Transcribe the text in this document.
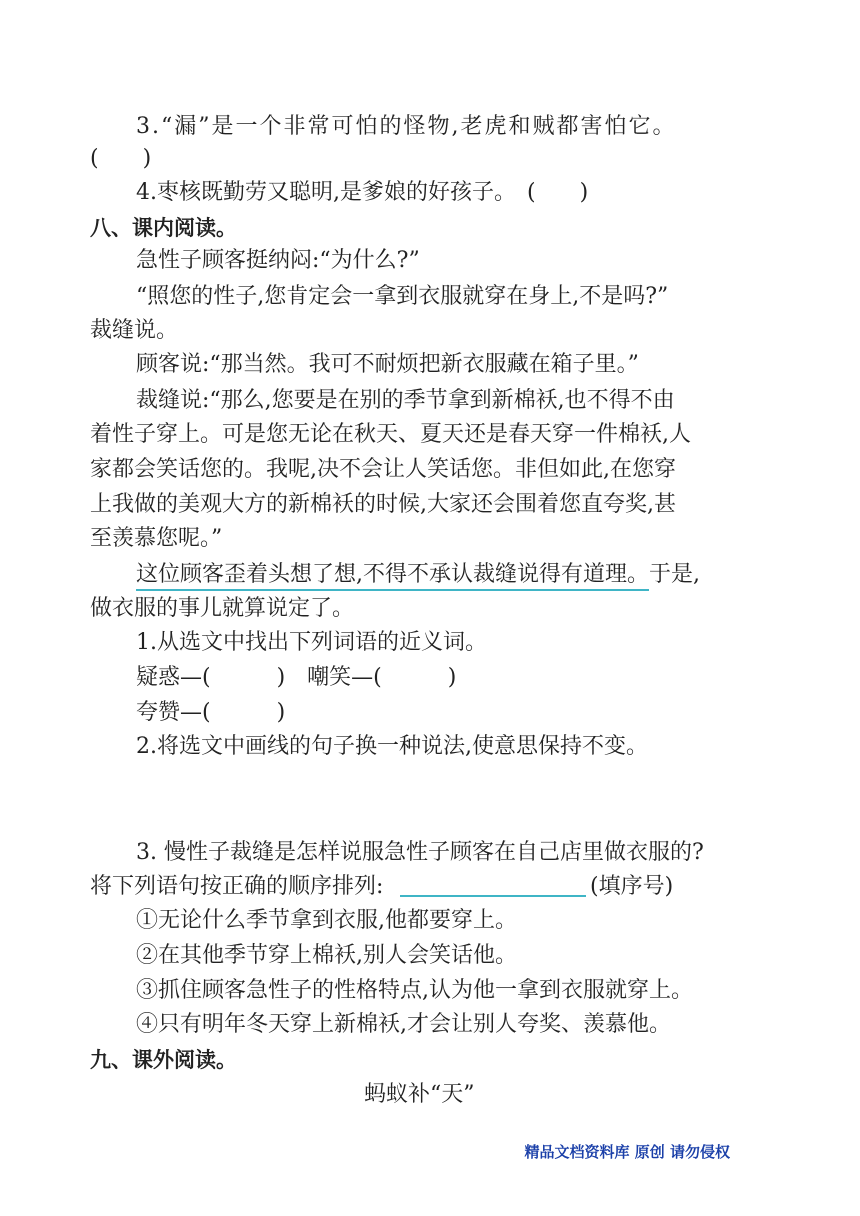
3.“漏”是一个非常可怕的怪物,老虎和贼都害怕它。
(　　)
4.枣核既勤劳又聪明,是爹娘的好孩子。　(　　)
八、课内阅读。
急性子顾客挺纳闷:“为什么?”
“照您的性子,您肯定会一拿到衣服就穿在身上,不是吗?”
裁缝说。
顾客说:“那当然。我可不耐烦把新衣服藏在箱子里。”
裁缝说:“那么,您要是在别的季节拿到新棉袄,也不得不由
着性子穿上。可是您无论在秋天、夏天还是春天穿一件棉袄,人
家都会笑话您的。我呢,决不会让人笑话您。非但如此,在您穿
上我做的美观大方的新棉袄的时候,大家还会围着您直夸奖,甚
至羡慕您呢。”
这位顾客歪着头想了想,不得不承认裁缝说得有道理。于是,
做衣服的事儿就算说定了。
1.从选文中找出下列词语的近义词。
疑惑—(　　　)　嘲笑—(　　　)
夸赞—(　　　)
2.将选文中画线的句子换一种说法,使意思保持不变。
3. 慢性子裁缝是怎样说服急性子顾客在自己店里做衣服的?
将下列语句按正确的顺序排列:	(填序号)
①无论什么季节拿到衣服,他都要穿上。
②在其他季节穿上棉袄,别人会笑话他。
③抓住顾客急性子的性格特点,认为他一拿到衣服就穿上。
④只有明年冬天穿上新棉袄,才会让别人夸奖、羡慕他。
九、课外阅读。
蚂蚁补“天”
精品文档资料库 原创 请勿侵权
